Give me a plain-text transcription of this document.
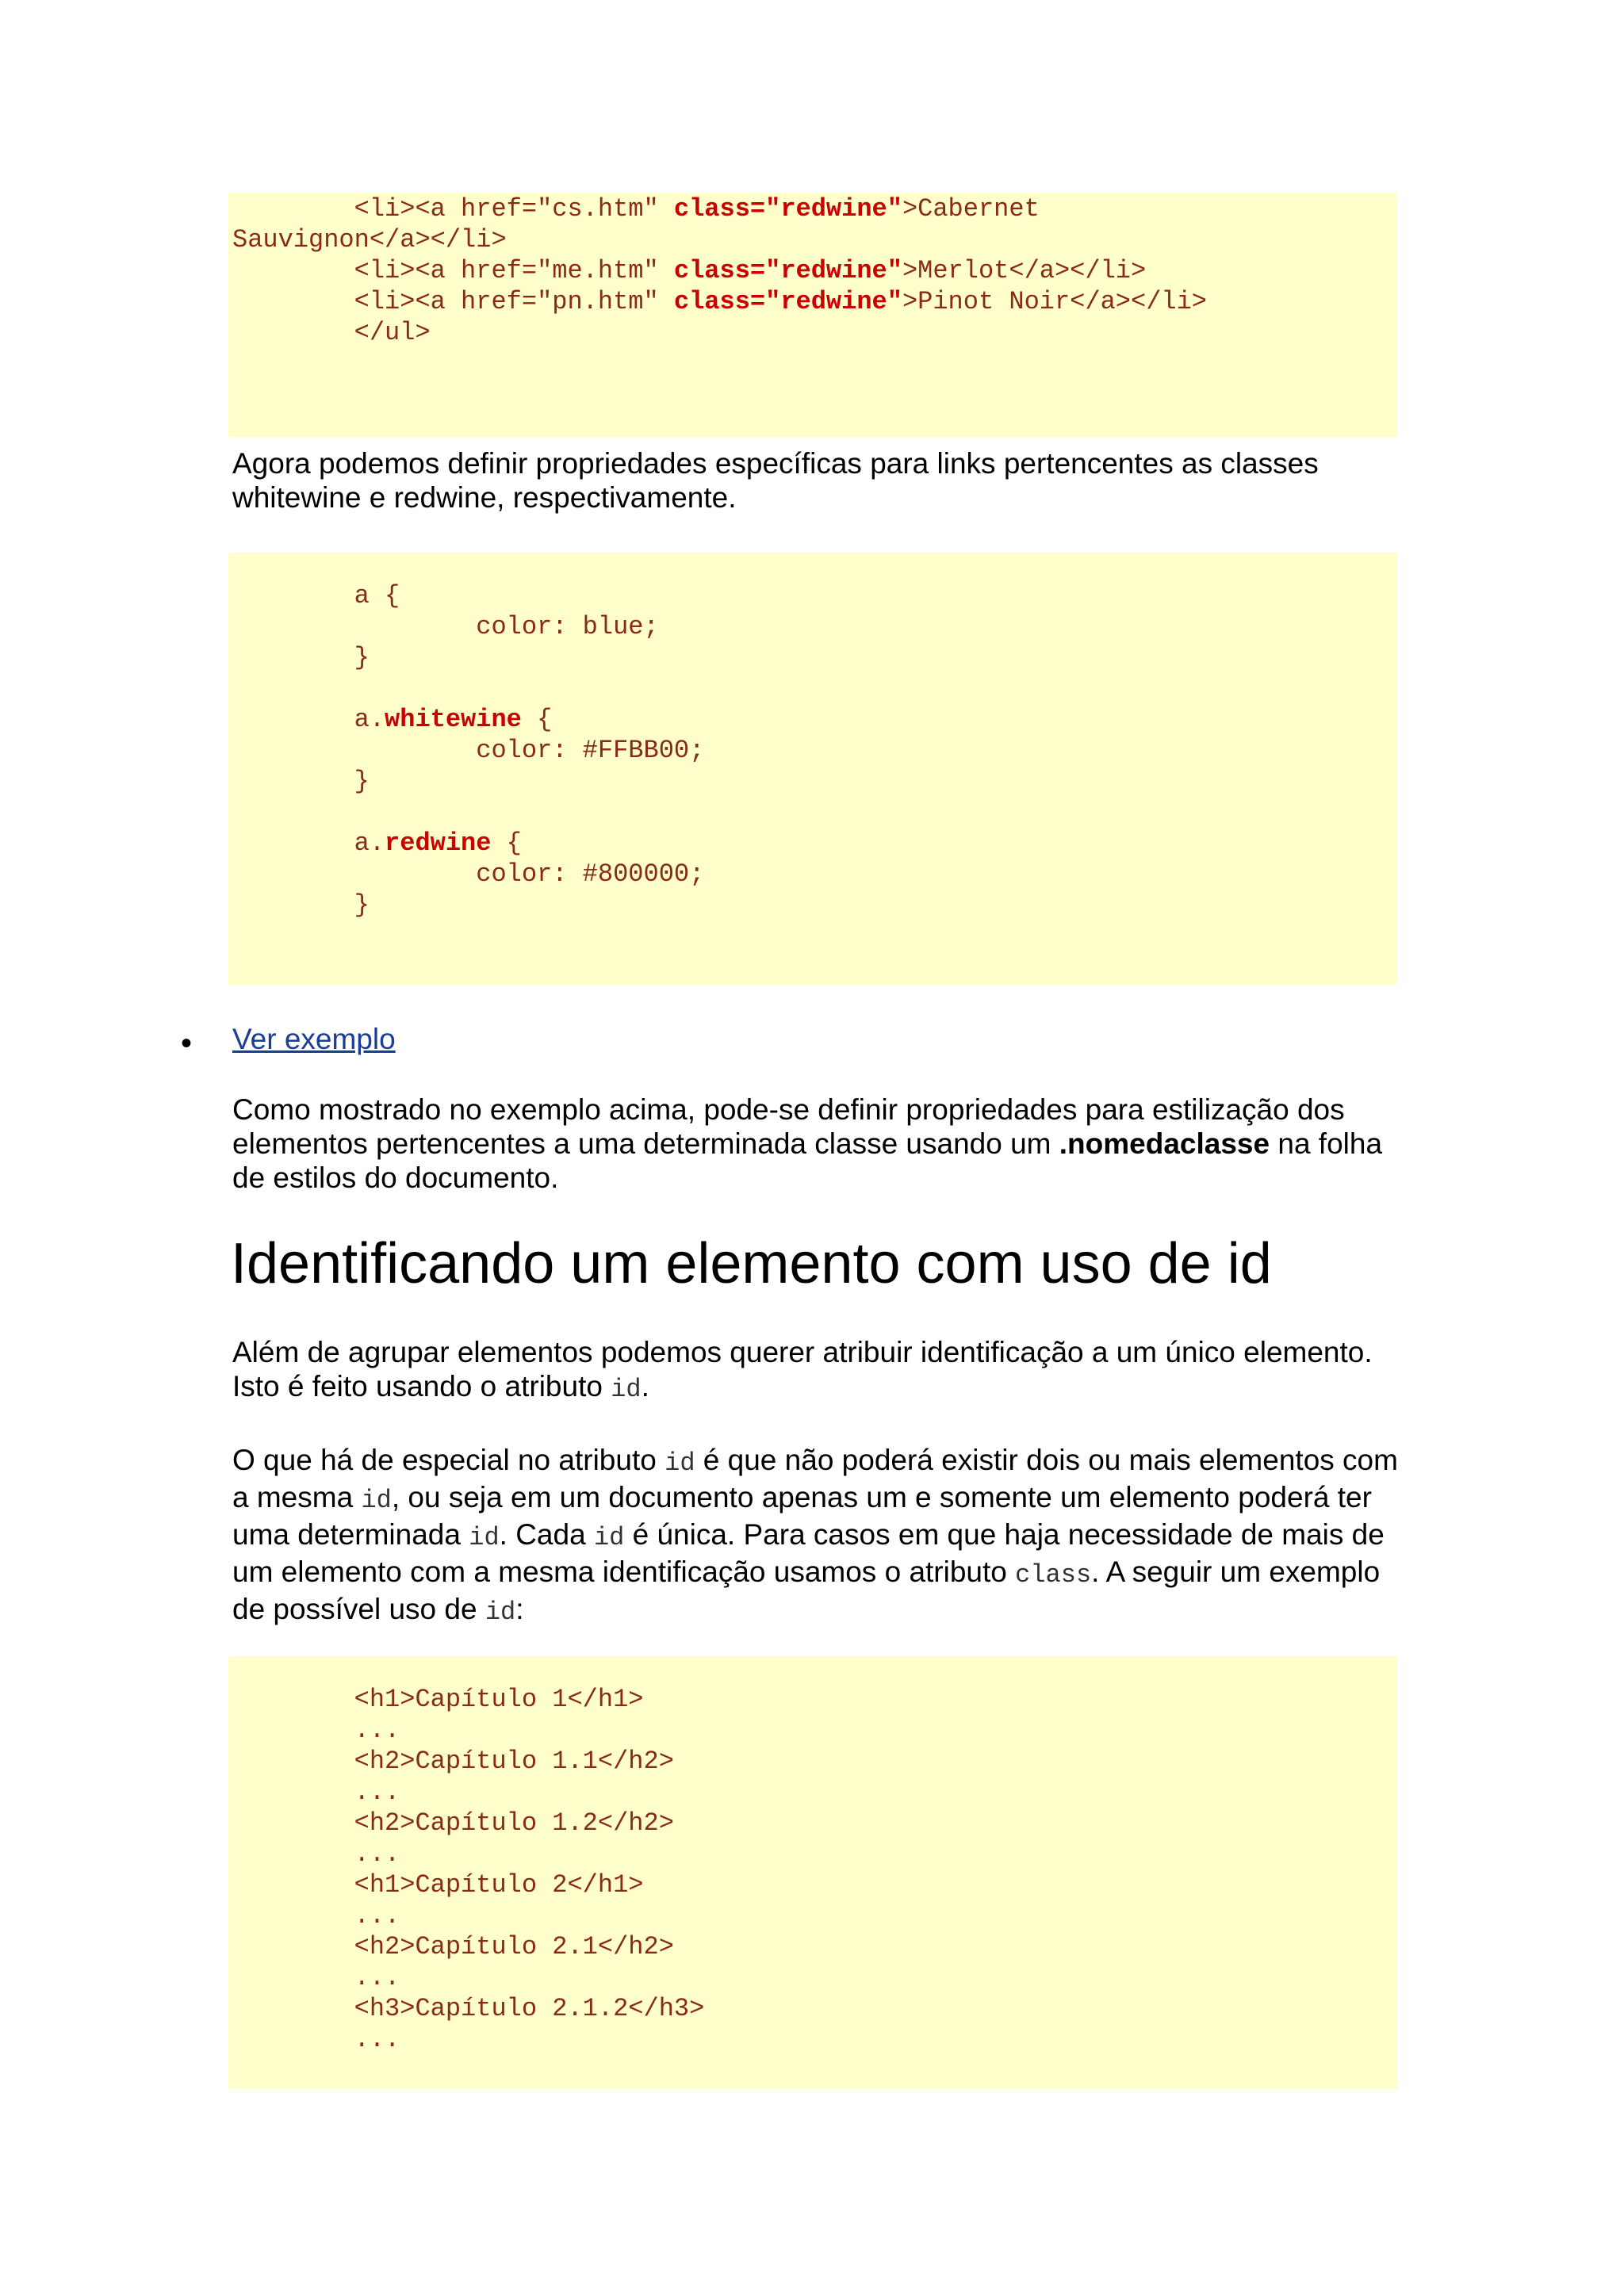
<li><a href="cs.htm" class="redwine">Cabernet
Sauvignon</a></li>
<li><a href="me.htm" class="redwine">Merlot</a></li>
<li><a href="pn.htm" class="redwine">Pinot Noir</a></li>
</ul>

Agora podemos definir propriedades específicas para links pertencentes as classes whitewine e redwine, respectivamente.

a {
color: blue;
}

a.whitewine {
color: #FFBB00;
}

a.redwine {
color: #800000;
}
• Ver exemplo

Como mostrado no exemplo acima, pode-se definir propriedades para estilização dos elementos pertencentes a uma determinada classe usando um .nomedaclasse na folha de estilos do documento.

Identificando um elemento com uso de id

Além de agrupar elementos podemos querer atribuir identificação a um único elemento. Isto é feito usando o atributo id.

O que há de especial no atributo id é que não poderá existir dois ou mais elementos com a mesma id, ou seja em um documento apenas um e somente um elemento poderá ter uma determinada id. Cada id é única. Para casos em que haja necessidade de mais de um elemento com a mesma identificação usamos o atributo class. A seguir um exemplo de possível uso de id:

<h1>Capítulo 1</h1>
...
<h2>Capítulo 1.1</h2>
...
<h2>Capítulo 1.2</h2>
...
<h1>Capítulo 2</h1>
...
<h2>Capítulo 2.1</h2>
...
<h3>Capítulo 2.1.2</h3>
...
